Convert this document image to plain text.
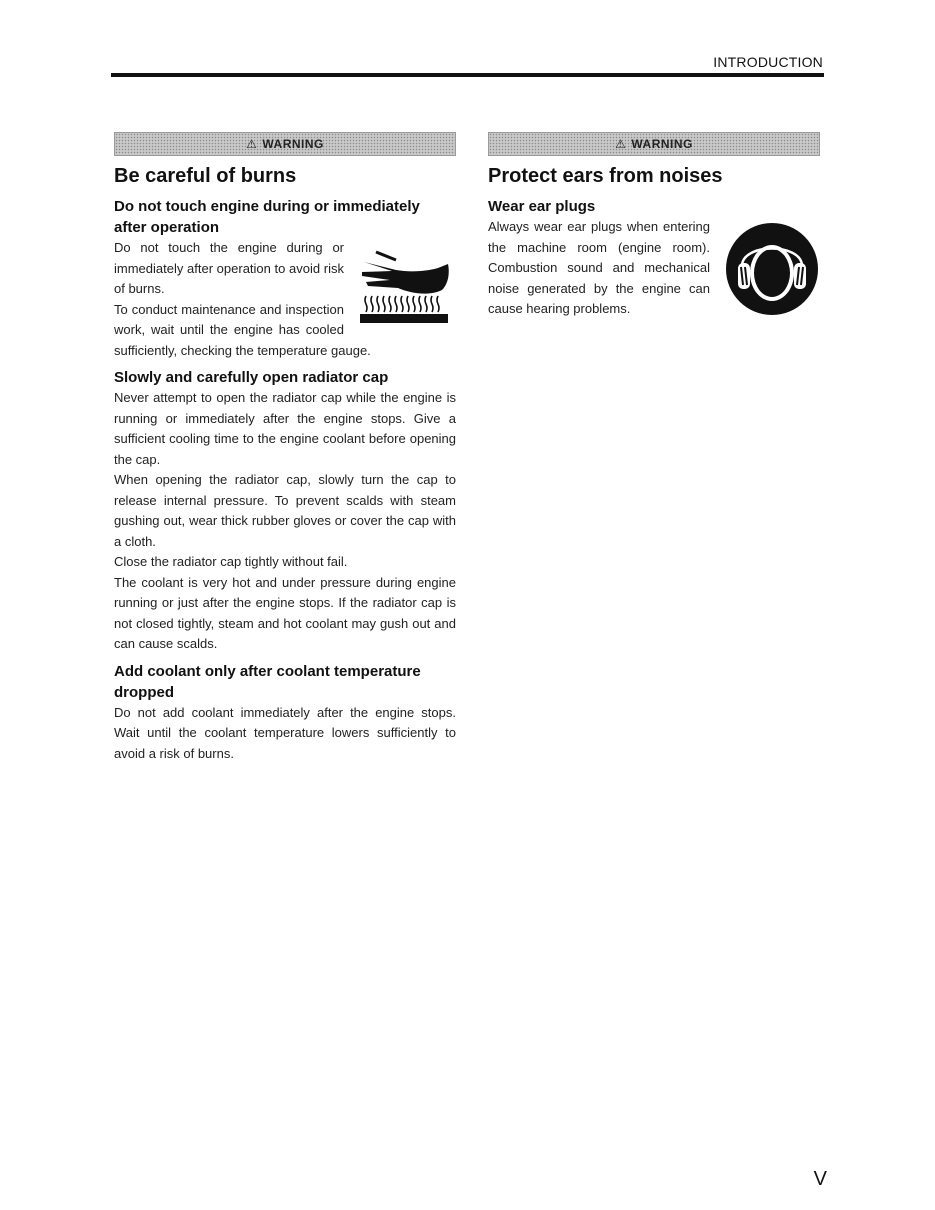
INTRODUCTION
⚠ WARNING
Be careful of burns
Do not touch engine during or immediately after operation

Do not touch the engine during or immediately after operation to avoid risk of burns.

To conduct maintenance and inspection work, wait until the engine has cooled sufficiently, checking the temperature gauge.

Slowly and carefully open radiator cap

Never attempt to open the radiator cap while the engine is running or immediately after the engine stops. Give a sufficient cooling time to the engine coolant before opening the cap.

When opening the radiator cap, slowly turn the cap to release internal pressure. To prevent scalds with steam gushing out, wear thick rubber gloves or cover the cap with a cloth.

Close the radiator cap tightly without fail.

The coolant is very hot and under pressure during engine running or just after the engine stops. If the radiator cap is not closed tightly, steam and hot coolant may gush out and can cause scalds.

Add coolant only after coolant temperature dropped

Do not add coolant immediately after the engine stops. Wait until the coolant temperature lowers sufficiently to avoid a risk of burns.

⚠ WARNING
Protect ears from noises
Wear ear plugs

Always wear ear plugs when entering the machine room (engine room). Combustion sound and mechanical noise generated by the engine can cause hearing problems.

V
